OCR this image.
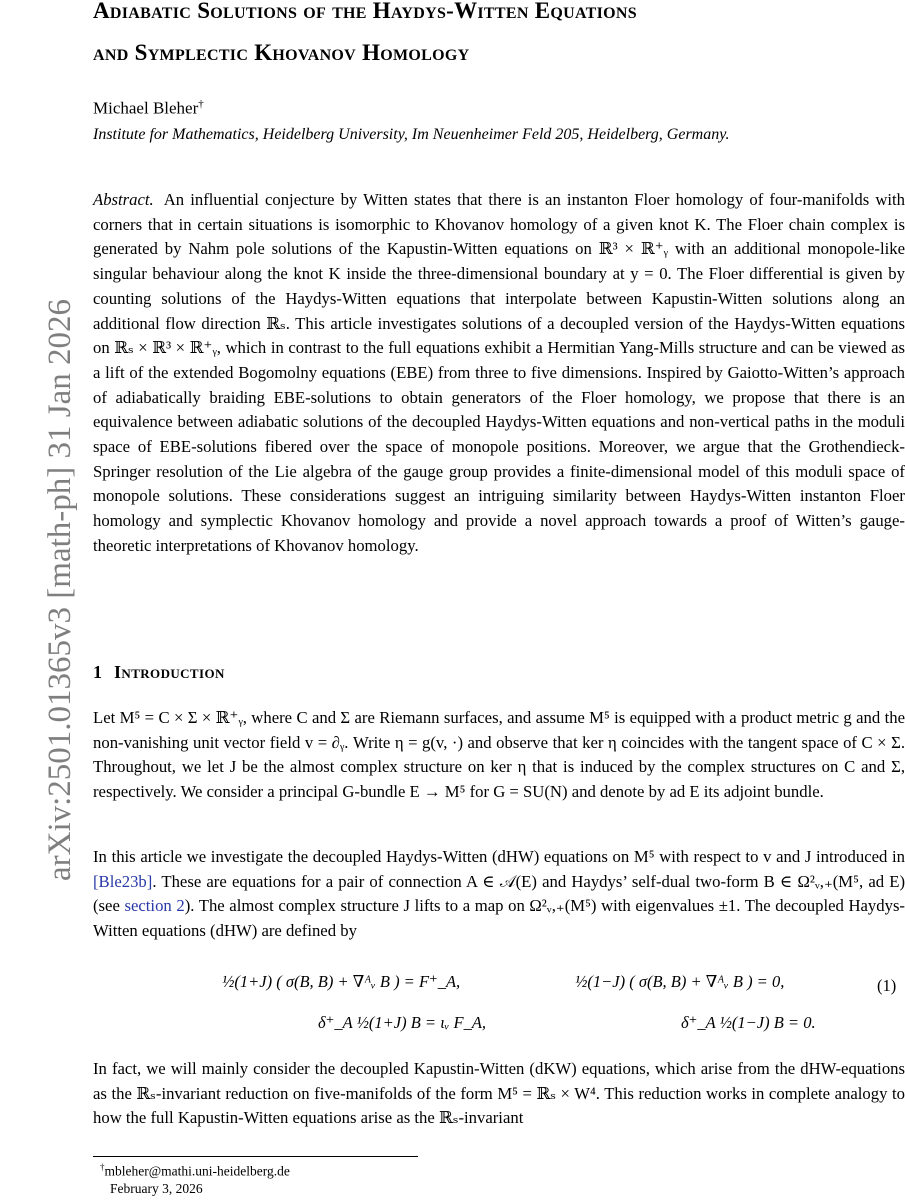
arXiv:2501.01365v3 [math-ph] 31 Jan 2026
Adiabatic Solutions of the Haydys-Witten Equations
and Symplectic Khovanov Homology
Michael Bleher†
Institute for Mathematics, Heidelberg University, Im Neuenheimer Feld 205, Heidelberg, Germany.
Abstract. An influential conjecture by Witten states that there is an instanton Floer homology of four-manifolds with corners that in certain situations is isomorphic to Khovanov homology of a given knot K. The Floer chain complex is generated by Nahm pole solutions of the Kapustin-Witten equations on ℝ³ × ℝ⁺ᵧ with an additional monopole-like singular behaviour along the knot K inside the three-dimensional boundary at y = 0. The Floer differential is given by counting solutions of the Haydys-Witten equations that interpolate between Kapustin-Witten solutions along an additional flow direction ℝₛ. This article investigates solutions of a decoupled version of the Haydys-Witten equations on ℝₛ × ℝ³ × ℝ⁺ᵧ, which in contrast to the full equations exhibit a Hermitian Yang-Mills structure and can be viewed as a lift of the extended Bogomolny equations (EBE) from three to five dimensions. Inspired by Gaiotto-Witten’s approach of adiabatically braiding EBE-solutions to obtain generators of the Floer homology, we propose that there is an equivalence between adiabatic solutions of the decoupled Haydys-Witten equations and non-vertical paths in the moduli space of EBE-solutions fibered over the space of monopole positions. Moreover, we argue that the Grothendieck-Springer resolution of the Lie algebra of the gauge group provides a finite-dimensional model of this moduli space of monopole solutions. These considerations suggest an intriguing similarity between Haydys-Witten instanton Floer homology and symplectic Khovanov homology and provide a novel approach towards a proof of Witten’s gauge-theoretic interpretations of Khovanov homology.
1 Introduction
Let M⁵ = C × Σ × ℝ⁺ᵧ, where C and Σ are Riemann surfaces, and assume M⁵ is equipped with a product metric g and the non-vanishing unit vector field v = ∂ᵧ. Write η = g(v, ·) and observe that ker η coincides with the tangent space of C × Σ. Throughout, we let J be the almost complex structure on ker η that is induced by the complex structures on C and Σ, respectively. We consider a principal G-bundle E → M⁵ for G = SU(N) and denote by ad E its adjoint bundle.
In this article we investigate the decoupled Haydys-Witten (dHW) equations on M⁵ with respect to v and J introduced in [Ble23b]. These are equations for a pair of connection A ∈ 𝒜(E) and Haydys’ self-dual two-form B ∈ Ω²ᵥ,₊(M⁵, ad E) (see section 2). The almost complex structure J lifts to a map on Ω²ᵥ,₊(M⁵) with eigenvalues ±1. The decoupled Haydys-Witten equations (dHW) are defined by
½(1+J) ( σ(B, B) + ∇ᴬᵥ B ) = F⁺_A,	½(1−J) ( σ(B, B) + ∇ᴬᵥ B ) = 0,
δ⁺_A ½(1+J) B = ιᵥ F_A,	δ⁺_A ½(1−J) B = 0.
(1)
In fact, we will mainly consider the decoupled Kapustin-Witten (dKW) equations, which arise from the dHW-equations as the ℝₛ-invariant reduction on five-manifolds of the form M⁵ = ℝₛ × W⁴. This reduction works in complete analogy to how the full Kapustin-Witten equations arise as the ℝₛ-invariant
†mbleher@mathi.uni-heidelberg.de
February 3, 2026
